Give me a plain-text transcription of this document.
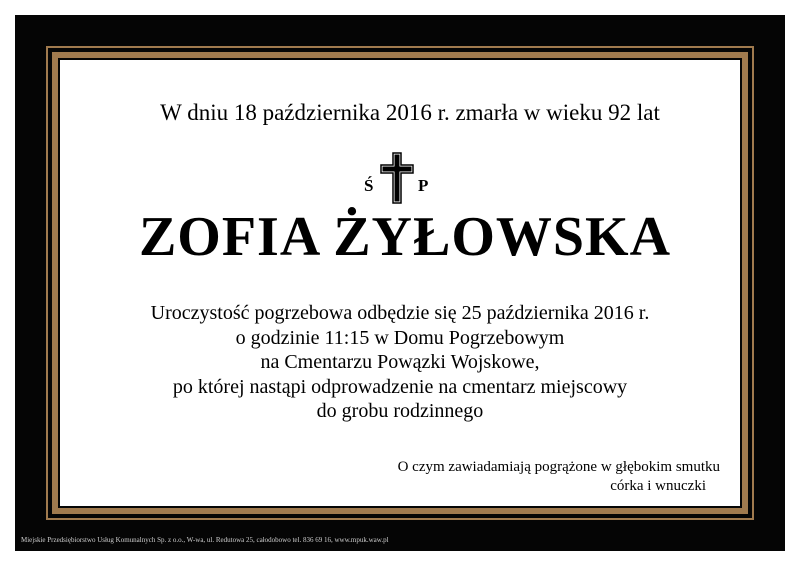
W dniu 18 października 2016 r. zmarła w wieku 92 lat
Ś	P
ZOFIA ŻYŁOWSKA
Uroczystość pogrzebowa odbędzie się 25 października 2016 r.
o godzinie 11:15 w Domu Pogrzebowym
na Cmentarzu Powązki Wojskowe,
po której nastąpi odprowadzenie na cmentarz miejscowy
do grobu rodzinnego
O czym zawiadamiają pogrążone w głębokim smutku
córka i wnuczki
Miejskie Przedsiębiorstwo Usług Komunalnych Sp. z o.o., W-wa, ul. Redutowa 25, całodobowo tel. 836 69 16, www.mpuk.waw.pl
